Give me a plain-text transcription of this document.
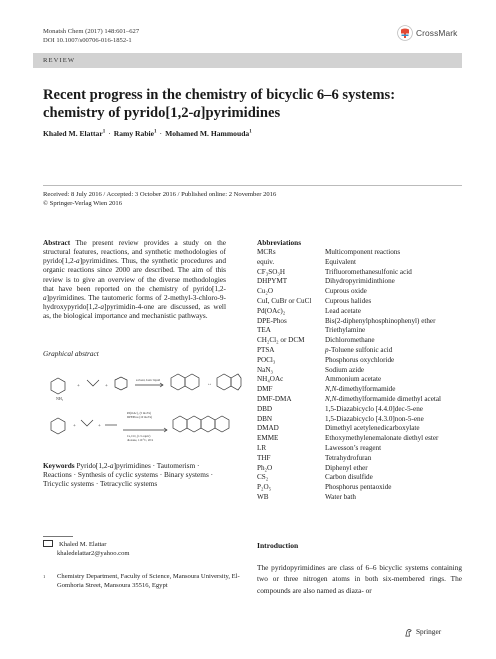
Monatsh Chem (2017) 148:601–627
DOI 10.1007/s00706-016-1852-1
CrossMark
REVIEW
Recent progress in the chemistry of bicyclic 6–6 systems:
chemistry of pyrido[1,2-a]pyrimidines
Khaled M. Elattar$^1$ · Ramy Rabie$^1$ · Mohamed M. Hammouda$^1$
Received: 8 July 2016 / Accepted: 3 October 2016 / Published online: 2 November 2016
© Springer-Verlag Wien 2016
Abstract The present review provides a study on the structural features, reactions, and synthetic methodologies of pyrido[1,2-a]pyrimidines. Thus, the synthetic procedures and organic reactions since 2000 are described. The aim of this review is to give an overview of the diverse methodologies that have been reported on the chemistry of pyrido[1,2-a]pyrimidines. The tautomeric forms of 2-methyl-3-chloro-9-hydroxypyrido[1,2-a]pyrimidin-4-one are discussed, as well as, the biological importance and mechanistic pathways.
Graphical abstract
NH₂
+	+
solvent, Ionic liquid
↔
+	+
Pd(OAc)₂ (5 mol%)
DPEPhos (10 mol%)
Cs₂CO₃ (1.5 equiv)
dioxane, 110 °C, 20 h
Keywords Pyrido[1,2-a]pyrimidines · Tautomerism · Reactions · Synthesis of cyclic systems · Binary systems · Tricyclic systems · Tetracyclic systems
Abbreviations
MCRs	Multicomponent reactions
equiv.	Equivalent
CF₃SO₃H	Trifluoromethanesulfonic acid
DHPYMT	Dihydropyrimidinthione
Cu₂O	Cuprous oxide
CuI, CuBr or CuCl	Cuprous halides
Pd(OAc)₂	Lead acetate
DPE-Phos	Bis(2-diphenylphosphinophenyl) ether
TEA	Triethylamine
CH₂Cl₂ or DCM	Dichloromethane
PTSA	p-Toluene sulfonic acid
POCl₃	Phosphorus oxychloride
NaN₃	Sodium azide
NH₄OAc	Ammonium acetate
DMF	N,N-dimethylformamide
DMF-DMA	N,N-dimethylformamide dimethyl acetal
DBD	1,5-Diazabicyclo [4.4.0]dec-5-ene
DBN	1,5-Diazabicyclo [4.3.0]non-5-ene
DMAD	Dimethyl acetylenedicarboxylate
EMME	Ethoxymethylenemalonate diethyl ester
LR	Lawesson’s reagent
THF	Tetrahydrofuran
Ph₂O	Diphenyl ether
CS₂	Carbon disulfide
P₂O₅	Phosphorus pentaoxide
WB	Water bath
Khaled M. Elattar
khaledelattar2@yahoo.com
$^1$	Chemistry Department, Faculty of Science, Mansoura University, El-Gomhoria Street, Mansoura 35516, Egypt
Introduction
The pyridopyrimidines are class of 6–6 bicyclic systems containing two or three nitrogen atoms in both six-membered rings. The compounds are also named as diaza- or
Springer
